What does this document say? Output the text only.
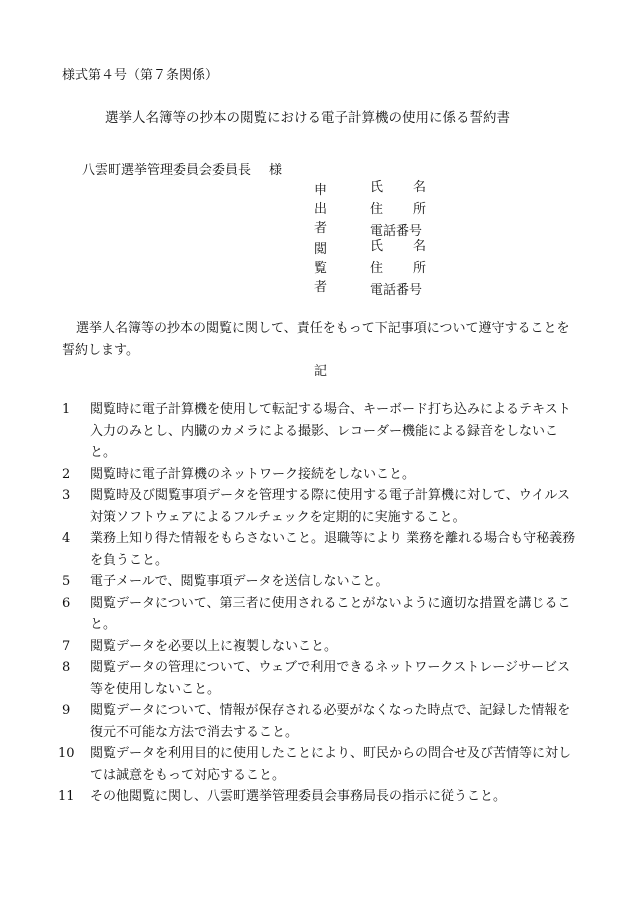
様式第４号（第７条関係）
選挙人名簿等の抄本の閲覧における電子計算機の使用に係る誓約書
八雲町選挙管理委員会委員長 様
申出者
氏 名
住 所
電話番号
閲覧者
氏 名
住 所
電話番号
選挙人名簿等の抄本の閲覧に関して、責任をもって下記事項について遵守することを誓約します。
記
1	閲覧時に電子計算機を使用して転記する場合、キーボード打ち込みによるテキスト入力のみとし、内臓のカメラによる撮影、レコーダー機能による録音をしないこと。
2	閲覧時に電子計算機のネットワーク接続をしないこと。
3	閲覧時及び閲覧事項データを管理する際に使用する電子計算機に対して、ウイルス対策ソフトウェアによるフルチェックを定期的に実施すること。
4	業務上知り得た情報をもらさないこと。退職等により 業務を離れる場合も守秘義務を負うこと。
5	電子メールで、閲覧事項データを送信しないこと。
6	閲覧データについて、第三者に使用されることがないように適切な措置を講じること。
7	閲覧データを必要以上に複製しないこと。
8	閲覧データの管理について、ウェブで利用できるネットワークストレージサービス等を使用しないこと。
9	閲覧データについて、情報が保存される必要がなくなった時点で、記録した情報を復元不可能な方法で消去すること。
10	閲覧データを利用目的に使用したことにより、町民からの問合せ及び苦情等に対しては誠意をもって対応すること。
11	その他閲覧に関し、八雲町選挙管理委員会事務局長の指示に従うこと。
